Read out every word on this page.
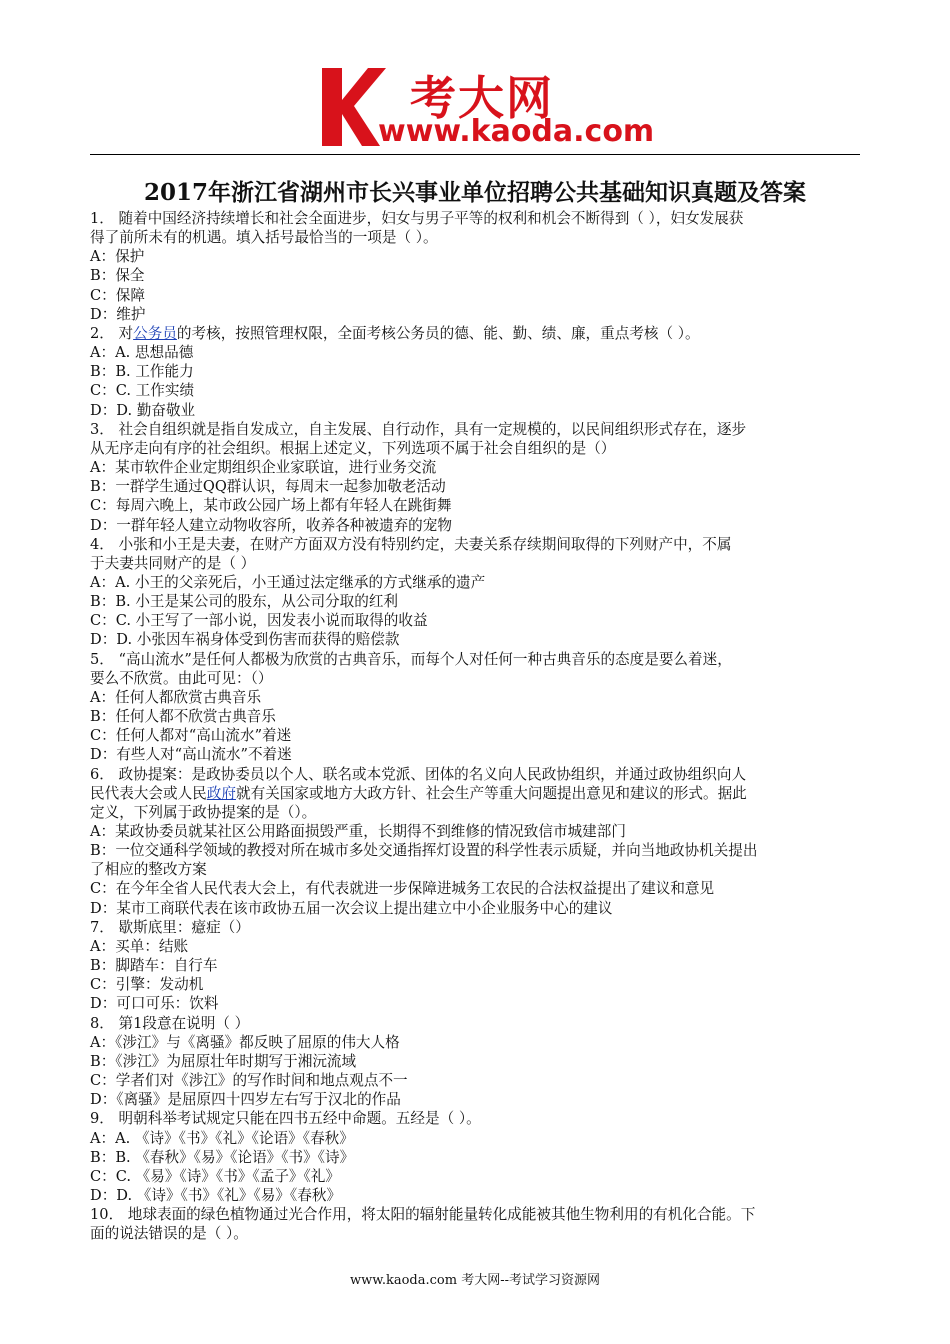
考大网
www.kaoda.com
2017年浙江省湖州市长兴事业单位招聘公共基础知识真题及答案
1． 随着中国经济持续增长和社会全面进步，妇女与男子平等的权利和机会不断得到（ ），妇女发展获
得了前所未有的机遇。填入括号最恰当的一项是（ ）。
A：保护
B：保全
C：保障
D：维护
2． 对公务员的考核，按照管理权限，全面考核公务员的德、能、勤、绩、廉，重点考核（ ）。
A：A. 思想品德
B：B. 工作能力
C：C. 工作实绩
D：D. 勤奋敬业
3． 社会自组织就是指自发成立，自主发展、自行动作，具有一定规模的，以民间组织形式存在，逐步
从无序走向有序的社会组织。根据上述定义，下列选项不属于社会自组织的是（）
A：某市软件企业定期组织企业家联谊，进行业务交流
B：一群学生通过QQ群认识，每周末一起参加敬老活动
C：每周六晚上，某市政公园广场上都有年轻人在跳街舞
D：一群年轻人建立动物收容所，收养各种被遗弃的宠物
4． 小张和小王是夫妻，在财产方面双方没有特别约定，夫妻关系存续期间取得的下列财产中，不属
于夫妻共同财产的是（ ）
A：A. 小王的父亲死后，小王通过法定继承的方式继承的遗产
B：B. 小王是某公司的股东，从公司分取的红利
C：C. 小王写了一部小说，因发表小说而取得的收益
D：D. 小张因车祸身体受到伤害而获得的赔偿款
5． “高山流水”是任何人都极为欣赏的古典音乐，而每个人对任何一种古典音乐的态度是要么着迷，
要么不欣赏。由此可见：（）
A：任何人都欣赏古典音乐
B：任何人都不欣赏古典音乐
C：任何人都对“高山流水”着迷
D：有些人对“高山流水”不着迷
6． 政协提案：是政协委员以个人、联名或本党派、团体的名义向人民政协组织，并通过政协组织向人
民代表大会或人民政府就有关国家或地方大政方针、社会生产等重大问题提出意见和建议的形式。据此
定义，下列属于政协提案的是（）。
A：某政协委员就某社区公用路面损毁严重，长期得不到维修的情况致信市城建部门
B：一位交通科学领域的教授对所在城市多处交通指挥灯设置的科学性表示质疑，并向当地政协机关提出
了相应的整改方案
C：在今年全省人民代表大会上，有代表就进一步保障进城务工农民的合法权益提出了建议和意见
D：某市工商联代表在该市政协五届一次会议上提出建立中小企业服务中心的建议
7． 歇斯底里：癔症（）
A：买单：结账
B：脚踏车：自行车
C：引擎：发动机
D：可口可乐：饮料
8． 第1段意在说明（ ）
A：《涉江》与《离骚》都反映了屈原的伟大人格
B：《涉江》为屈原壮年时期写于湘沅流域
C：学者们对《涉江》的写作时间和地点观点不一
D：《离骚》是屈原四十四岁左右写于汉北的作品
9． 明朝科举考试规定只能在四书五经中命题。五经是（ ）。
A：A. 《诗》《书》《礼》《论语》《春秋》
B：B. 《春秋》《易》《论语》《书》《诗》
C：C. 《易》《诗》《书》《孟子》《礼》
D：D. 《诗》《书》《礼》《易》《春秋》
10． 地球表面的绿色植物通过光合作用，将太阳的辐射能量转化成能被其他生物利用的有机化合能。下
面的说法错误的是（ ）。
www.kaoda.com 考大网--考试学习资源网
